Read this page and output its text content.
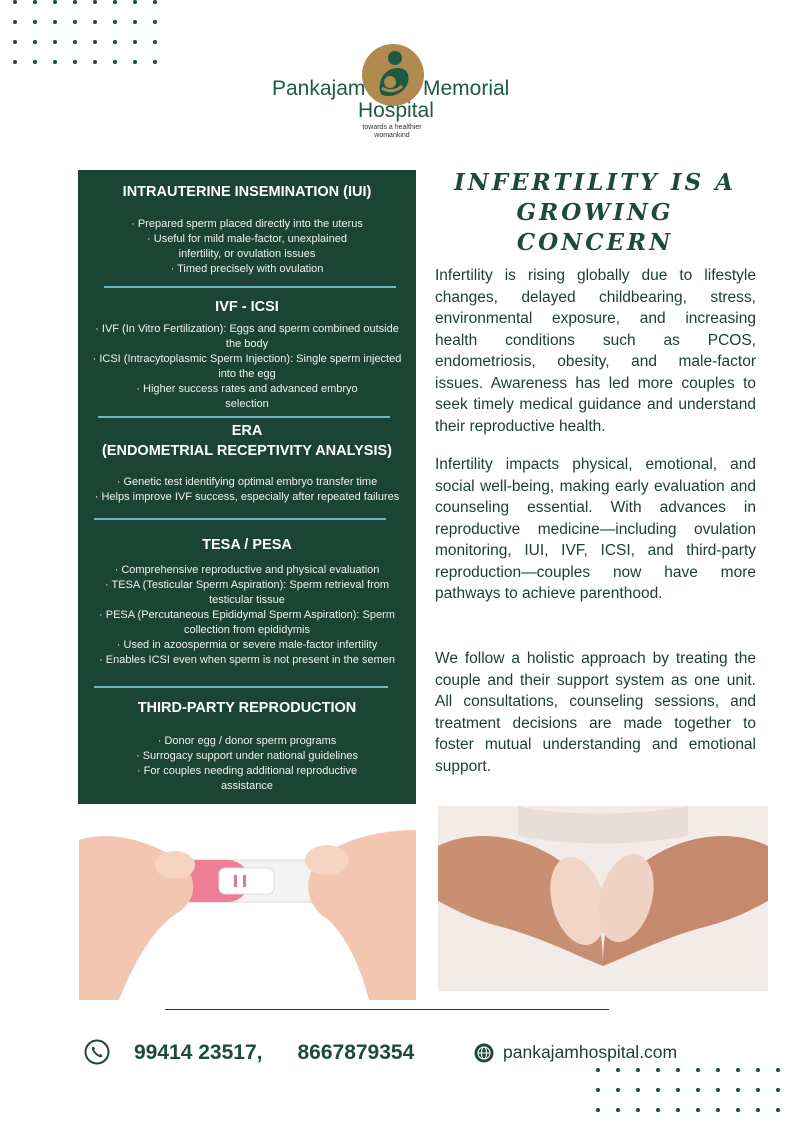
Pankajam	Memorial
Hospital
towards a healthier womankind
INTRAUTERINE INSEMINATION (IUI)
· Prepared sperm placed directly into the uterus
· Useful for mild male-factor, unexplained infertility, or ovulation issues
· Timed precisely with ovulation
IVF - ICSI
· IVF (In Vitro Fertilization): Eggs and sperm combined outside the body
· ICSI (Intracytoplasmic Sperm Injection): Single sperm injected into the egg
· Higher success rates and advanced embryo selection
ERA
(ENDOMETRIAL RECEPTIVITY ANALYSIS)
· Genetic test identifying optimal embryo transfer time
· Helps improve IVF success, especially after repeated failures
TESA / PESA
· Comprehensive reproductive and physical evaluation
· TESA (Testicular Sperm Aspiration): Sperm retrieval from testicular tissue
· PESA (Percutaneous Epididymal Sperm Aspiration): Sperm collection from epididymis
· Used in azoospermia or severe male-factor infertility
· Enables ICSI even when sperm is not present in the semen
THIRD-PARTY REPRODUCTION
· Donor egg / donor sperm programs
· Surrogacy support under national guidelines
· For couples needing additional reproductive assistance
INFERTILITY IS A
GROWING CONCERN
Infertility is rising globally due to lifestyle changes, delayed childbearing, stress, environmental exposure, and increasing health conditions such as PCOS, endometriosis, obesity, and male-factor issues. Awareness has led more couples to seek timely medical guidance and understand their reproductive health.
Infertility impacts physical, emotional, and social well-being, making early evaluation and counseling essential. With advances in reproductive medicine—including ovulation monitoring, IUI, IVF, ICSI, and third-party reproduction—couples now have more pathways to achieve parenthood.
We follow a holistic approach by treating the couple and their support system as one unit. All consultations, counseling sessions, and treatment decisions are made together to foster mutual understanding and emotional support.
99414 23517, 8667879354	pankajamhospital.com
